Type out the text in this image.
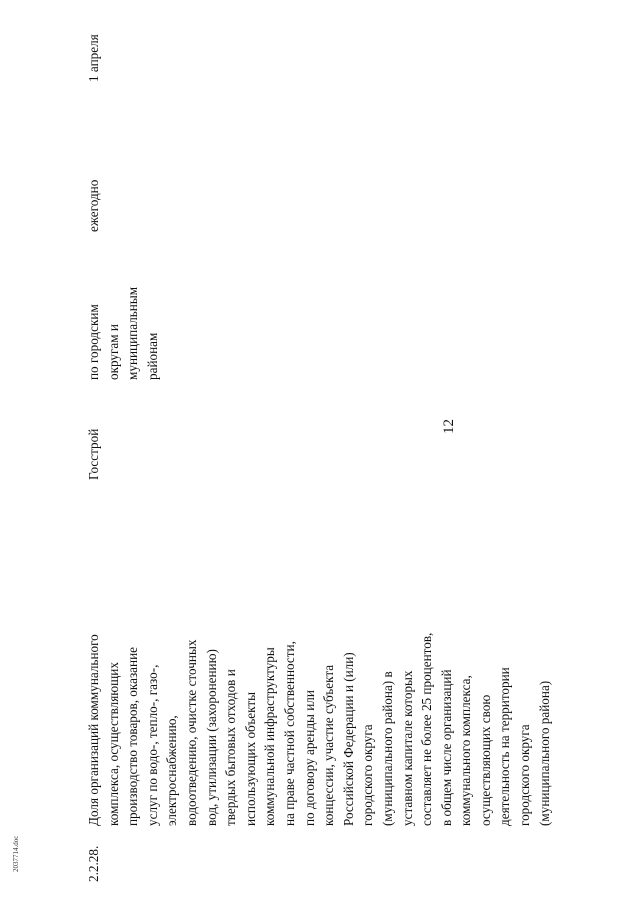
12
2.2.28.
Доля организаций коммунального комплекса, осуществляющих производство товаров, оказание услуг по водо-, тепло-, газо-, электроснабжению, водоотведению, очистке сточных вод, утилизации (захоронению) твердых бытовых отходов и использующих объекты коммунальной инфраструктуры на праве частной собственности, по договору аренды или концессии, участие субъекта Российской Федерации и (или) городского округа (муниципального района) в уставном капитале которых составляет не более 25 процентов, в общем числе организаций коммунального комплекса, осуществляющих свою деятельность на территории городского округа (муниципального района)
Госстрой
по городским округам и муниципальным районам
ежегодно
1 апреля
2037714.doc
